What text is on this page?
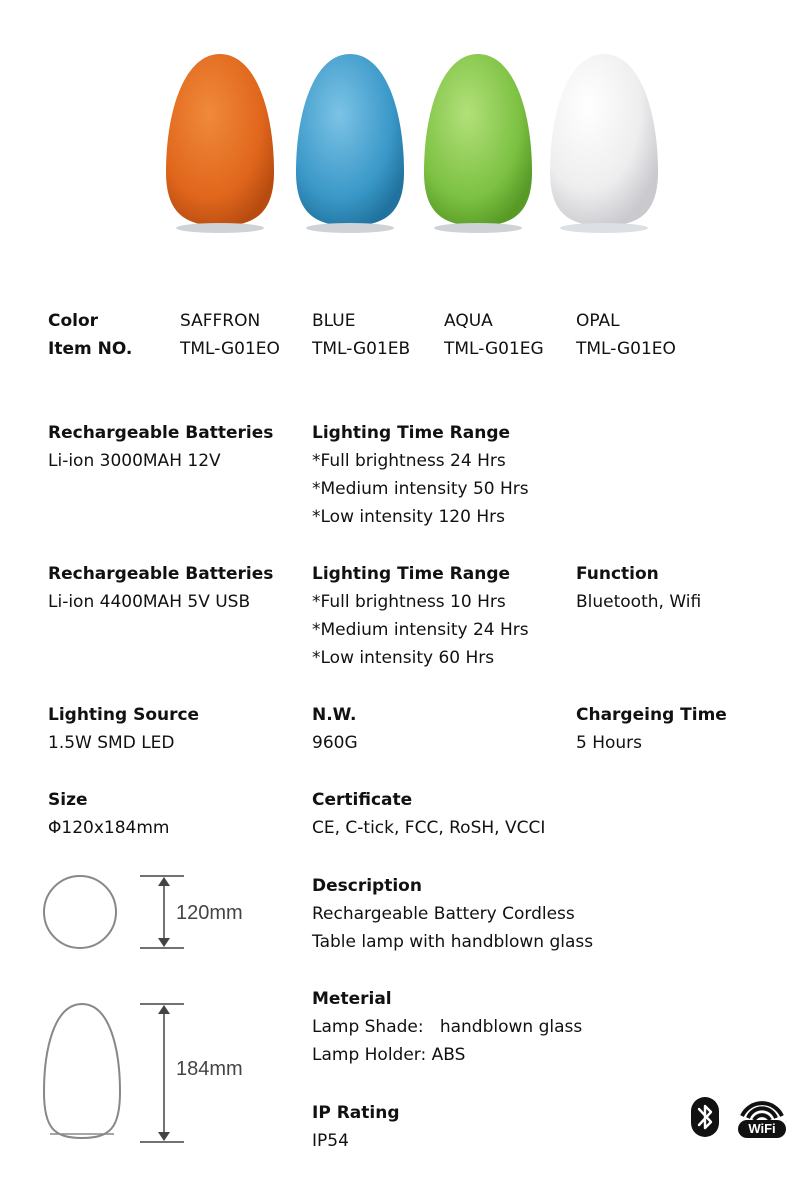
Color	SAFFRON	BLUE	AQUA	OPAL
Item NO.	TML-G01EO TML-G01EB TML-G01EG TML-G01EO
Rechargeable Batteries
Li-ion 3000MAH 12V
Lighting Time Range
*Full brightness 24 Hrs
*Medium intensity 50 Hrs
*Low intensity 120 Hrs
Rechargeable Batteries
Li-ion 4400MAH 5V USB
Lighting Time Range
*Full brightness 10 Hrs
*Medium intensity 24 Hrs
*Low intensity 60 Hrs
Function
Bluetooth, Wifi
Lighting Source
1.5W SMD LED
N.W.
960G
Chargeing Time
5 Hours
Size
Φ120x184mm
Certificate
CE, C-tick, FCC, RoSH, VCCI
120mm
184mm
Description
Rechargeable Battery Cordless
Table lamp with handblown glass
Meterial
Lamp Shade:   handblown glass
Lamp Holder: ABS
IP Rating
IP54
WiFi
